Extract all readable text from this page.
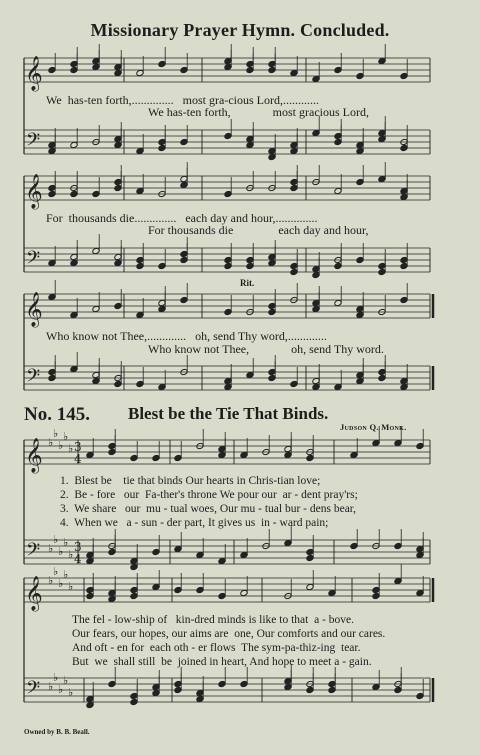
Missionary Prayer Hymn. Concluded.
𝄞
𝄢
𝄞
𝄢
𝄞
𝄢
𝄞
𝄢
𝄞
𝄢
♭
♭
♭
♭
♭
♭
♭
♭
♭
♭
♭
♭
♭
♭
♭
♭
♭
♭
♭
♭
3
4
3
4
We  has-ten forth,..............   most gra-cious Lord,............
We has-ten forth,              most gracious Lord,
For  thousands die..............   each day and hour,..............
For thousands die               each day and hour,
Who know not Thee,.............   oh, send Thy word,.............
Who know not Thee,              oh, send Thy word.
Rit.
No. 145. Blest be the Tie That Binds.
Judson Q. Monk.
1.  Blest be    tie that binds Our hearts in Chris-tian love;
2.  Be - fore   our  Fa-ther's throne We pour our  ar - dent pray'rs;
3.  We share   our  mu - tual woes, Our mu - tual bur - dens bear,
4.  When we   a - sun - der part, It gives us  in - ward pain;
The fel - low-ship of   kin-dred minds is like to that  a - bove.
Our fears, our hopes, our aims are  one, Our comforts and our cares.
And oft - en for  each oth - er flows  The sym-pa-thiz-ing  tear.
But  we  shall still  be  joined in heart, And hope to meet a - gain.
Owned by B. B. Beall.
